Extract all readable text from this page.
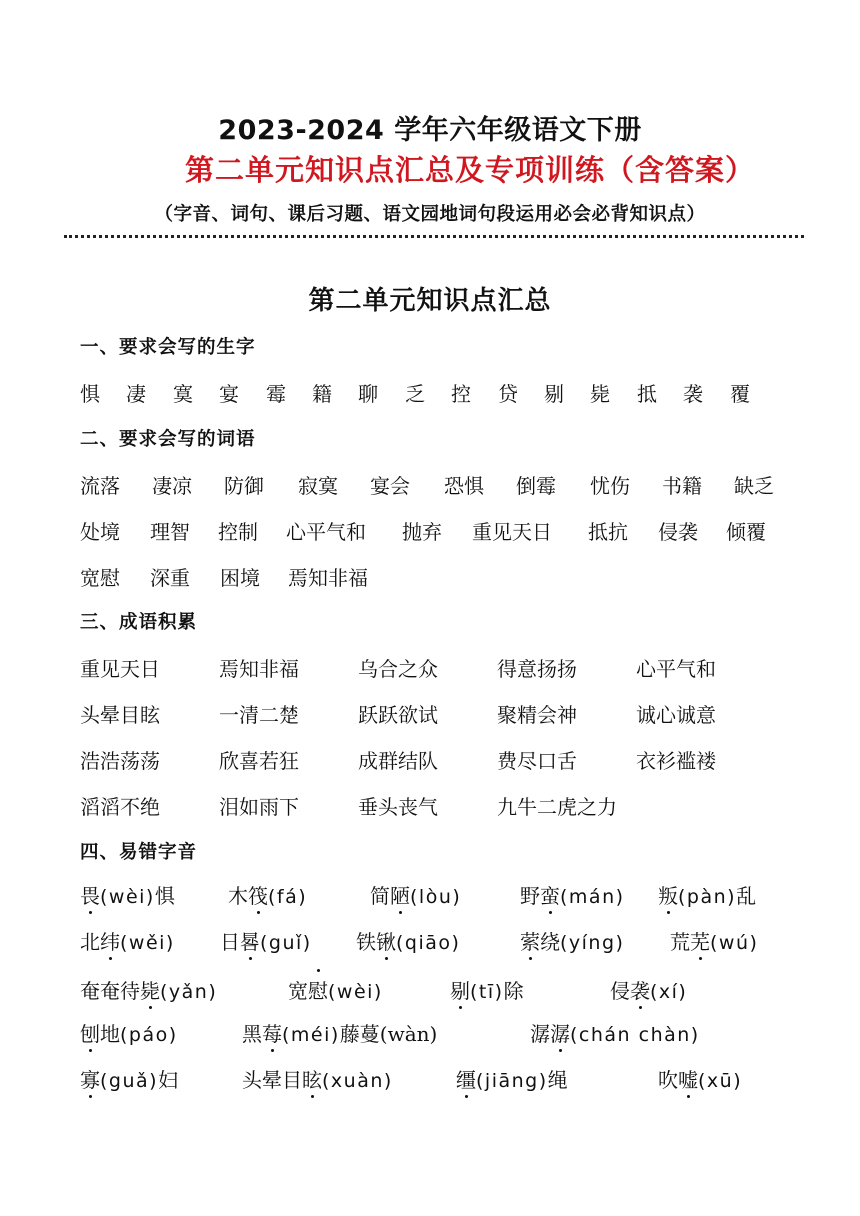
2023-2024 学年六年级语文下册
第二单元知识点汇总及专项训练（含答案）
（字音、词句、课后习题、语文园地词句段运用必会必背知识点）
第二单元知识点汇总
一、要求会写的生字
惧 凄 寞 宴 霉 籍 聊 乏 控 贷 剔 毙 抵 袭 覆
二、要求会写的词语
流落 凄凉 防御 寂寞 宴会 恐惧 倒霉 忧伤 书籍 缺乏
处境 理智 控制 心平气和 抛弃 重见天日 抵抗 侵袭 倾覆
宽慰 深重 困境 焉知非福
三、成语积累
重见天日	焉知非福	乌合之众	得意扬扬	心平气和
头晕目眩	一清二楚	跃跃欲试	聚精会神	诚心诚意
浩浩荡荡	欣喜若狂	成群结队	费尽口舌	衣衫褴褛
滔滔不绝	泪如雨下	垂头丧气	九牛二虎之力
四、易错字音
畏(wèi)惧	木筏(fá)	简陋(lòu)	野蛮(mán) 叛(pàn)乱
北纬(wěi) 日晷(guǐ) 铁锹(qiāo)	萦绕(yíng) 荒芜(wú)
奄奄待毙(yǎn)	宽慰(wèi)	剔(tī)除	侵袭(xí)
刨地(páo)	黑莓(méi)藤蔓(wàn)	潺潺(chán chàn)
寡(guǎ)妇	头晕目眩(xuàn)	缰(jiāng)绳	吹嘘(xū)
